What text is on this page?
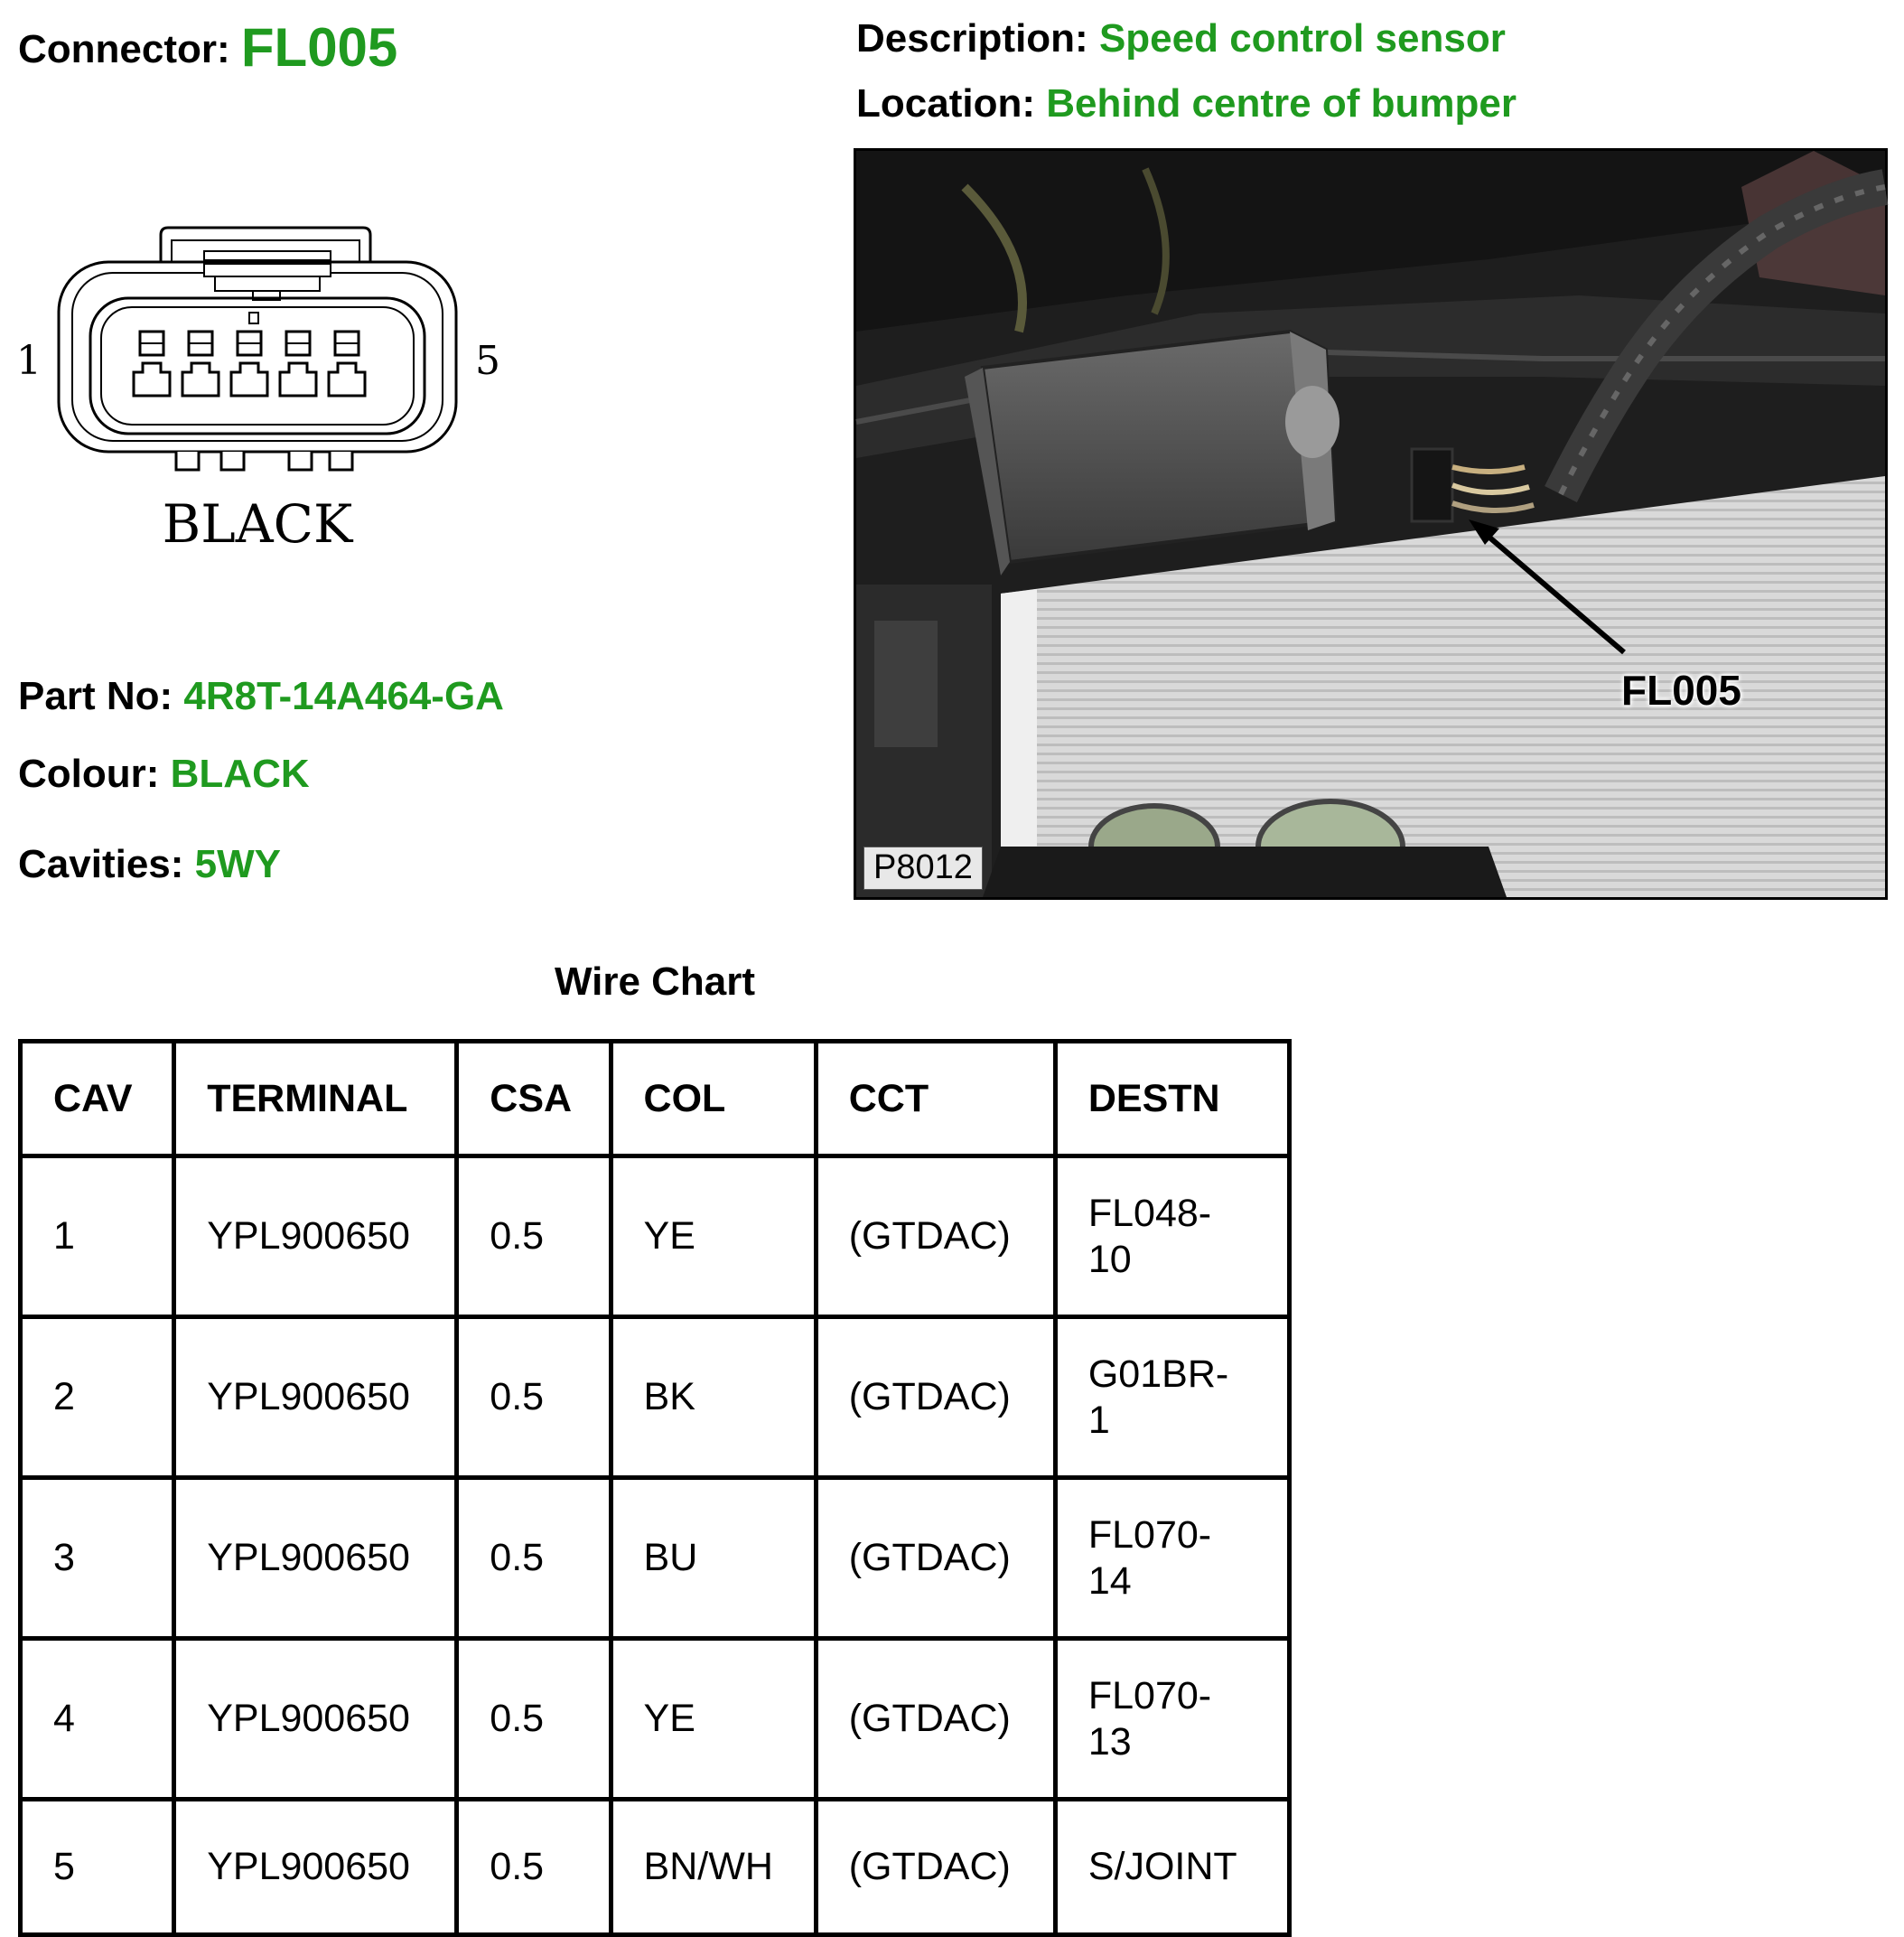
Connector: FL005	Description: Speed control sensor
Location: Behind centre of bumper
1	5
BLACK
Part No: 4R8T-14A464-GA
Colour: BLACK
Cavities: 5WY
FL005
P8012
Wire Chart
CAV	TERMINAL	CSA	COL	CCT	DESTN
1	YPL900650	0.5	YE	(GTDAC)	FL048-10
2	YPL900650	0.5	BK	(GTDAC)	G01BR-1
3	YPL900650	0.5	BU	(GTDAC)	FL070-14
4	YPL900650	0.5	YE	(GTDAC)	FL070-13
5	YPL900650	0.5	BN/WH	(GTDAC)	S/JOINT
